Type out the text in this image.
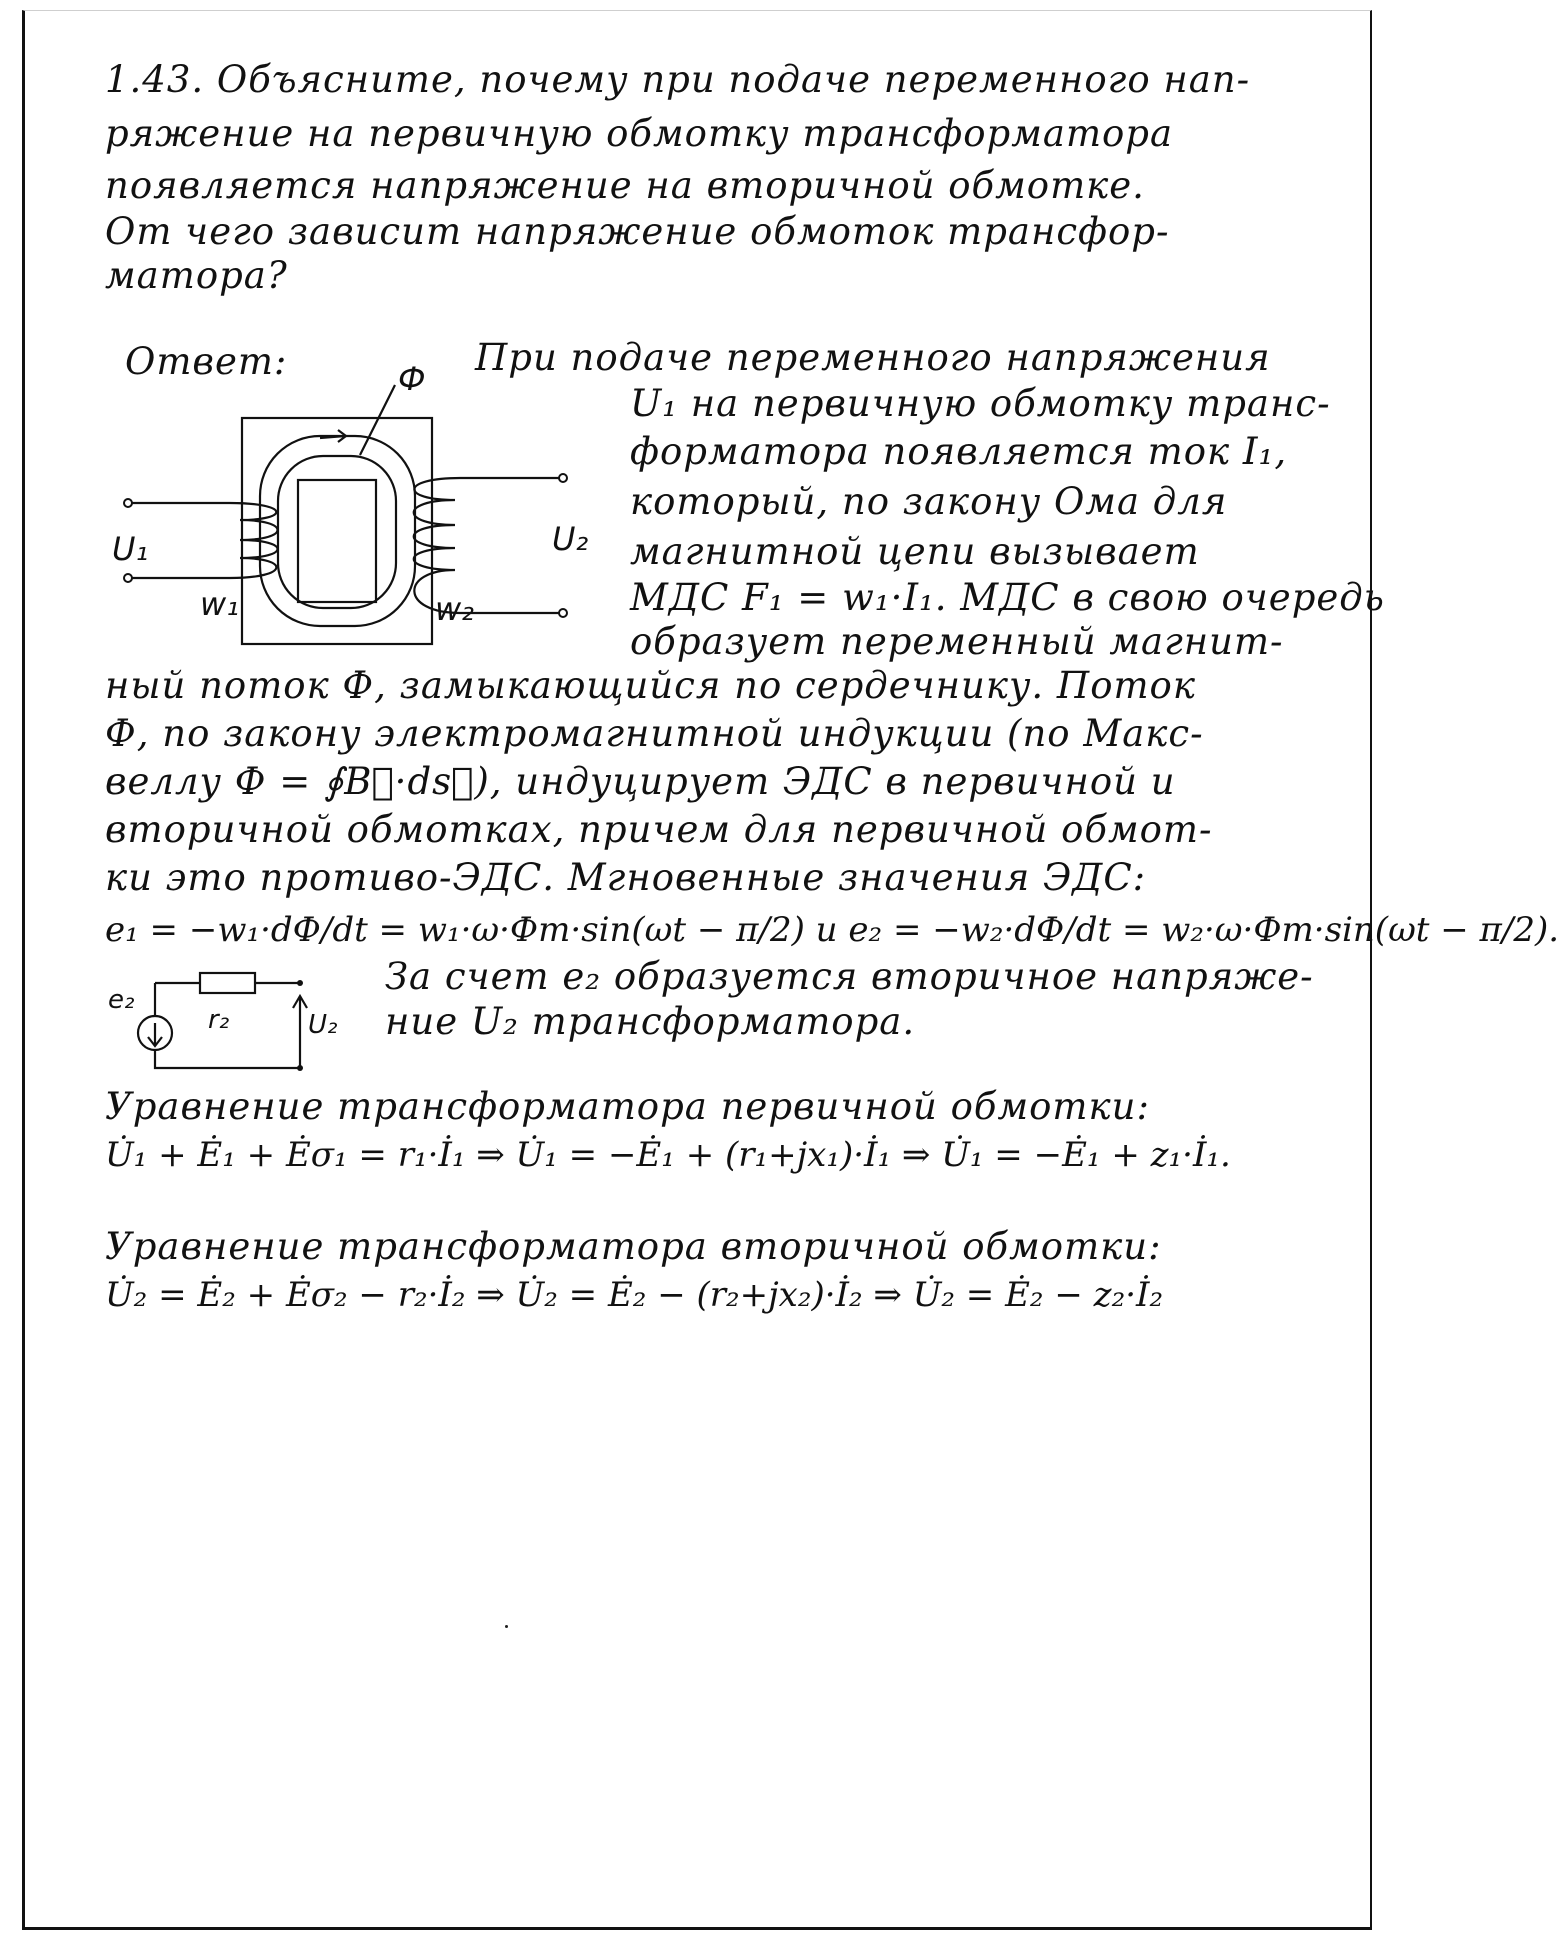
1.43. Объясните, почему при подаче переменного нап-
ряжение на первичную обмотку трансформатора
появляется напряжение на вторичной обмотке.
От чего зависит напряжение обмоток трансфор-
матора?
Ответ:	Ф
U₁	U₂
w₁	w₂
При подаче переменного напряжения
U₁ на первичную обмотку транс-
форматора появляется ток I₁,
который, по закону Ома для
магнитной цепи вызывает
МДС F₁ = w₁·I₁. МДС в свою очередь
образует переменный магнит-
ный поток Ф, замыкающийся по сердечнику. Поток
Ф, по закону электромагнитной индукции (по Макс-
веллу Ф = ∮B⃗·ds⃗), индуцирует ЭДС в первичной и
вторичной обмотках, причем для первичной обмот-
ки это противо-ЭДС. Мгновенные значения ЭДС:
e₁ = −w₁·dФ/dt = w₁·ω·Фm·sin(ωt − π/2) и e₂ = −w₂·dФ/dt = w₂·ω·Фm·sin(ωt − π/2).
e₂
r₂	U₂
За счет e₂ образуется вторичное напряже-
ние U₂ трансформатора.
Уравнение трансформатора первичной обмотки:
U̇₁ + Ė₁ + Ėσ₁ = r₁·İ₁ ⇒ U̇₁ = −Ė₁ + (r₁+jx₁)·İ₁ ⇒ U̇₁ = −Ė₁ + z₁·İ₁.
Уравнение трансформатора вторичной обмотки:
U̇₂ = Ė₂ + Ėσ₂ − r₂·İ₂ ⇒ U̇₂ = Ė₂ − (r₂+jx₂)·İ₂ ⇒ U̇₂ = Ė₂ − z₂·İ₂
